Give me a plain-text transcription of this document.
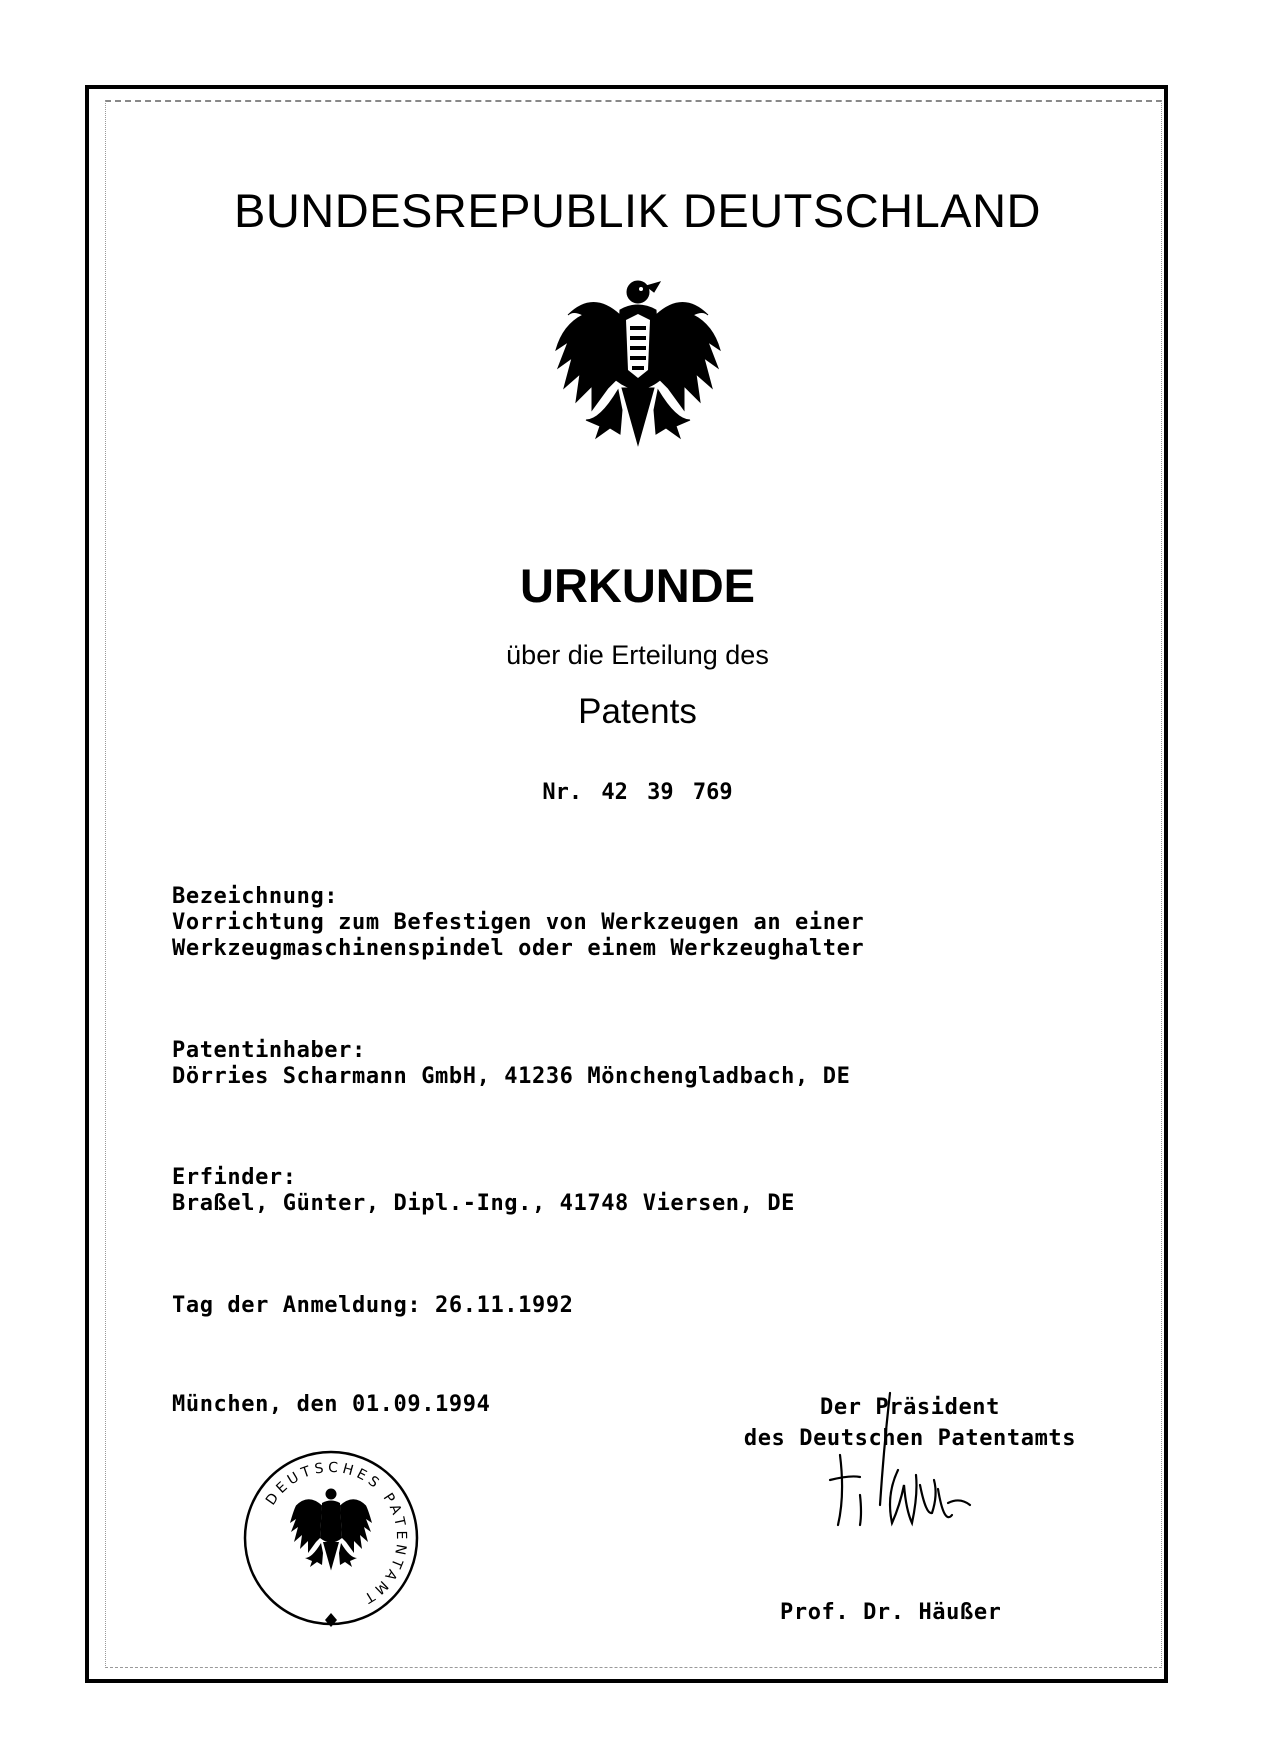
BUNDESREPUBLIK DEUTSCHLAND
URKUNDE
über die Erteilung des
Patents
Nr. 42 39 769
Bezeichnung:
Vorrichtung zum Befestigen von Werkzeugen an einer
Werkzeugmaschinenspindel oder einem Werkzeughalter
Patentinhaber:
Dörries Scharmann GmbH, 41236 Mönchengladbach, DE
Erfinder:
Braßel, Günter, Dipl.-Ing., 41748 Viersen, DE
Tag der Anmeldung: 26.11.1992
München, den 01.09.1994	Der Präsident
des Deutschen Patentamts
Prof. Dr. Häußer
DEUTSCHES PATENTAMT
